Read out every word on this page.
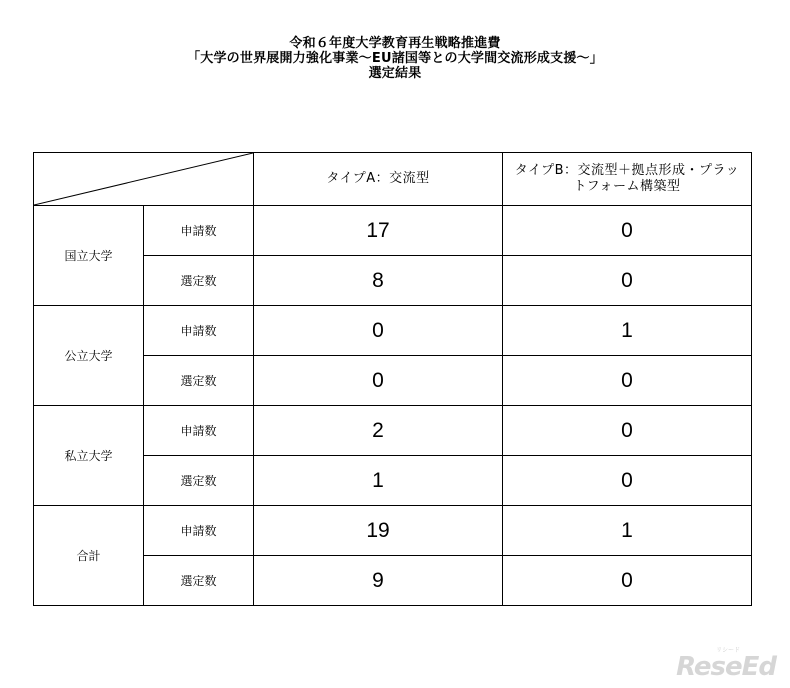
令和６年度大学教育再生戦略推進費
「大学の世界展開力強化事業～EU諸国等との大学間交流形成支援～」
選定結果
	タイプA：交流型	タイプB：交流型＋拠点形成・プラットフォーム構築型
国立大学	申請数	17	0
	選定数	8	0
公立大学	申請数	0	1
	選定数	0	0
私立大学	申請数	2	0
	選定数	1	0
合計	申請数	19	1
	選定数	9	0
リシード
ReseEd
